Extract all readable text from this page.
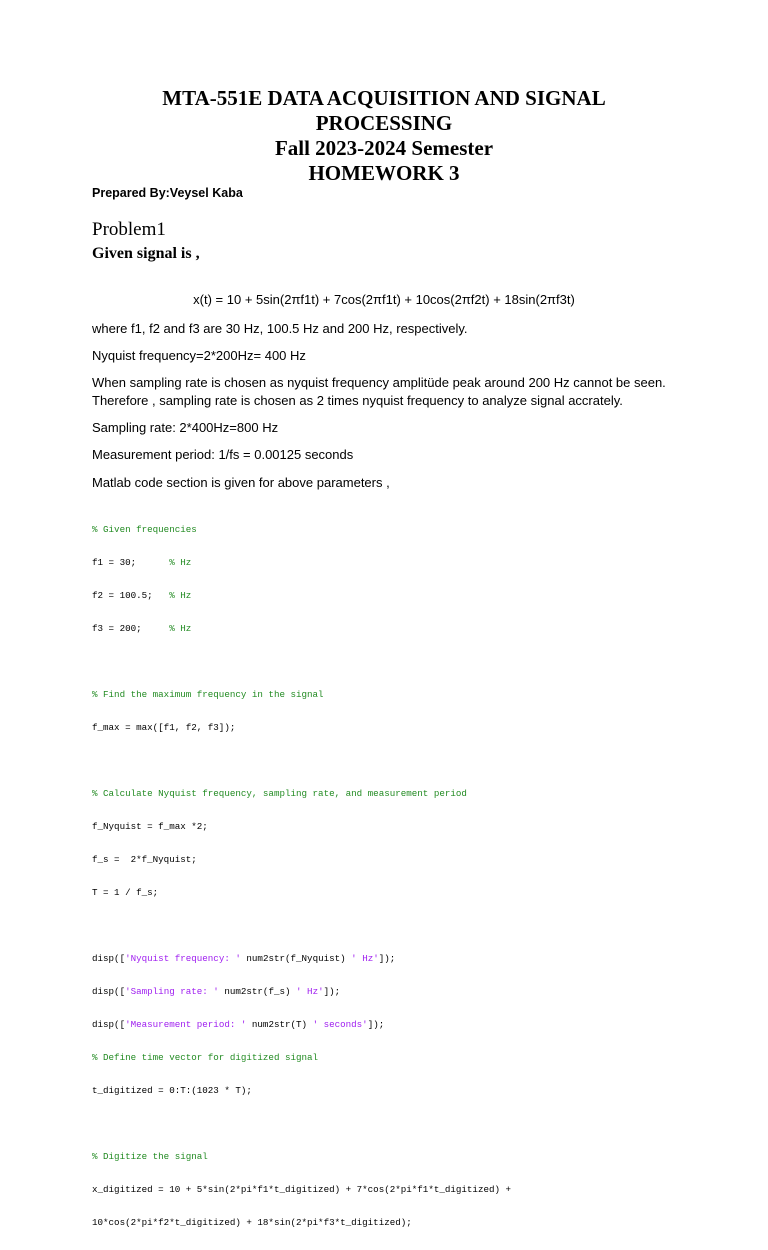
MTA-551E DATA ACQUISITION AND SIGNAL
PROCESSING
Fall 2023-2024 Semester
HOMEWORK 3
Prepared By:Veysel Kaba
Problem1
Given signal is ,
x(t) = 10 + 5sin(2πf1t) + 7cos(2πf1t) + 10cos(2πf2t) + 18sin(2πf3t)
where f1, f2 and f3 are 30 Hz, 100.5 Hz and 200 Hz, respectively.
Nyquist frequency=2*200Hz= 400 Hz
When sampling rate is chosen as nyquist frequency amplitüde peak around 200 Hz cannot be seen.
Therefore , sampling rate is chosen as 2 times nyquist frequency to analyze signal accrately.
Sampling rate: 2*400Hz=800 Hz
Measurement period: 1/fs = 0.00125 seconds
Matlab code section is given for above parameters ,

% Given frequencies

f1 = 30;      % Hz

f2 = 100.5;   % Hz

f3 = 200;     % Hz

% Find the maximum frequency in the signal

f_max = max([f1, f2, f3]);

% Calculate Nyquist frequency, sampling rate, and measurement period

f_Nyquist = f_max *2;

f_s =  2*f_Nyquist;

T = 1 / f_s;

disp(['Nyquist frequency: ' num2str(f_Nyquist) ' Hz']);

disp(['Sampling rate: ' num2str(f_s) ' Hz']);

disp(['Measurement period: ' num2str(T) ' seconds']);

% Define time vector for digitized signal

t_digitized = 0:T:(1023 * T);

% Digitize the signal

x_digitized = 10 + 5*sin(2*pi*f1*t_digitized) + 7*cos(2*pi*f1*t_digitized) +

10*cos(2*pi*f2*t_digitized) + 18*sin(2*pi*f3*t_digitized);
